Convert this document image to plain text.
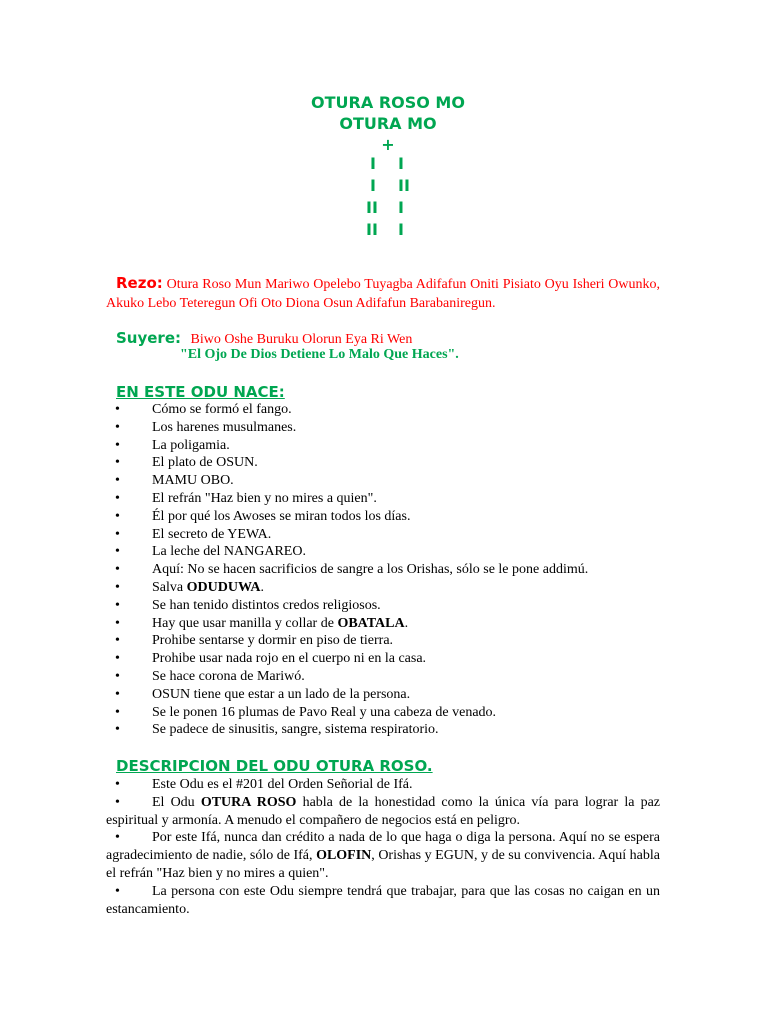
OTURA ROSO MO
OTURA MO
+
I I
I II
II I
II I
Rezo: Otura Roso Mun Mariwo Opelebo Tuyagba Adifafun Oniti Pisiato Oyu Isheri Owunko, Akuko Lebo Teteregun Ofi Oto Diona Osun Adifafun Barabaniregun.
Suyere: Biwo Oshe Buruku Olorun Eya Ri Wen
"El Ojo De Dios Detiene Lo Malo Que Haces".
EN ESTE ODU NACE:
• Cómo se formó el fango.
• Los harenes musulmanes.
• La poligamia.
• El plato de OSUN.
• MAMU OBO.
• El refrán "Haz bien y no mires a quien".
• Él por qué los Awoses se miran todos los días.
• El secreto de YEWA.
• La leche del NANGAREO.
• Aquí: No se hacen sacrificios de sangre a los Orishas, sólo se le pone addimú.
• Salva ODUDUWA.
• Se han tenido distintos credos religiosos.
• Hay que usar manilla y collar de OBATALA.
• Prohibe sentarse y dormir en piso de tierra.
• Prohibe usar nada rojo en el cuerpo ni en la casa.
• Se hace corona de Mariwó.
• OSUN tiene que estar a un lado de la persona.
• Se le ponen 16 plumas de Pavo Real y una cabeza de venado.
• Se padece de sinusitis, sangre, sistema respiratorio.
DESCRIPCION DEL ODU OTURA ROSO.

• Este Odu es el #201 del Orden Señorial de Ifá.

• El Odu OTURA ROSO habla de la honestidad como la única vía para lograr la paz espiritual y armonía. A menudo el compañero de negocios está en peligro.

• Por este Ifá, nunca dan crédito a nada de lo que haga o diga la persona. Aquí no se espera agradecimiento de nadie, sólo de Ifá, OLOFIN, Orishas y EGUN, y de su convivencia. Aquí habla el refrán "Haz bien y no mires a quien".

• La persona con este Odu siempre tendrá que trabajar, para que las cosas no caigan en un estancamiento.
